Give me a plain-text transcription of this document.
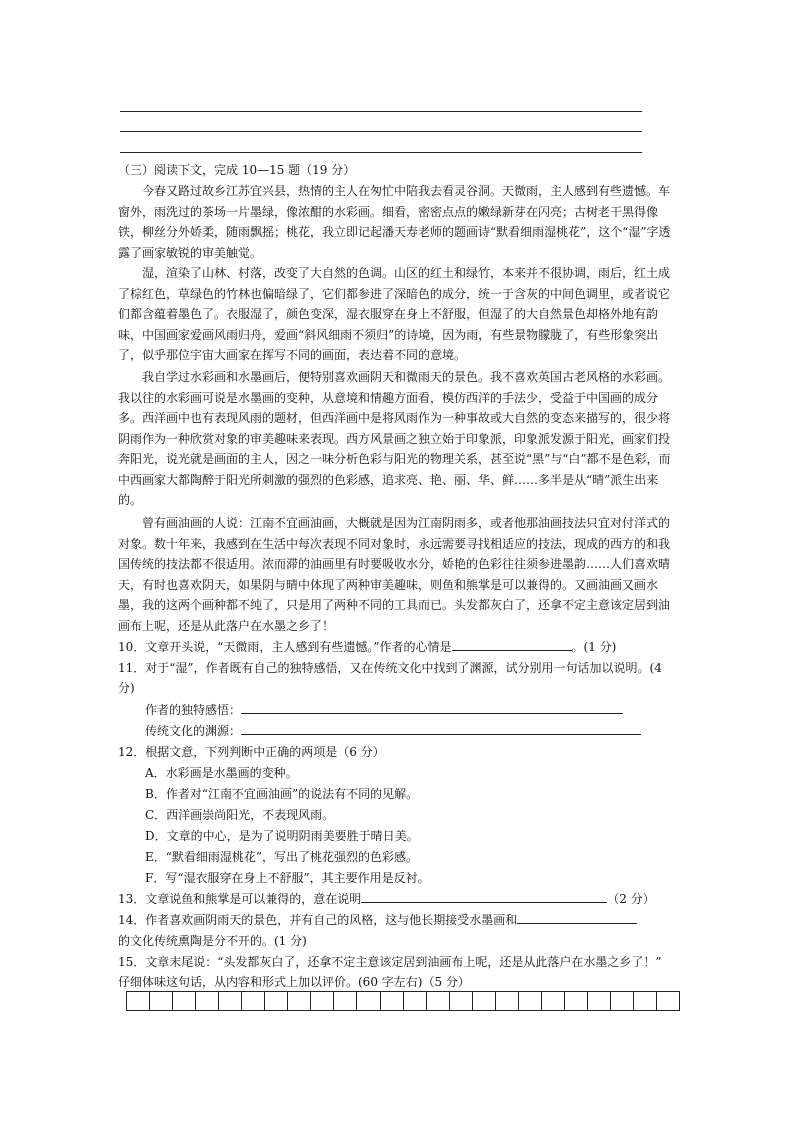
（三）阅读下文，完成 10—15 题（19 分）

今春又路过故乡江苏宜兴县，热情的主人在匆忙中陪我去看灵谷洞。天微雨，主人感到有些遗憾。车窗外，雨洗过的茶场一片墨绿，像浓酣的水彩画。细看，密密点点的嫩绿新芽在闪亮；古树老干黑得像铁，柳丝分外娇柔，随雨飘摇；桃花，我立即记起潘天寿老师的题画诗“默看细雨湿桃花”，这个“湿”字透露了画家敏锐的审美触觉。

湿，渲染了山林、村落，改变了大自然的色调。山区的红土和绿竹，本来并不很协调，雨后，红土成了棕红色，草绿色的竹林也偏暗绿了，它们都参进了深暗色的成分，统一于含灰的中间色调里，或者说它们都含蕴着墨色了。衣服湿了，颜色变深，湿衣服穿在身上不舒服，但湿了的大自然景色却格外地有韵味，中国画家爱画风雨归舟，爱画“斜风细雨不须归”的诗境，因为雨，有些景物朦胧了，有些形象突出了，似乎那位宇宙大画家在挥写不同的画面，表达着不同的意境。

我自学过水彩画和水墨画后，便特别喜欢画阴天和微雨天的景色。我不喜欢英国古老风格的水彩画。我以往的水彩画可说是水墨画的变种，从意境和情趣方面看，模仿西洋的手法少，受益于中国画的成分多。西洋画中也有表现风雨的题材，但西洋画中是将风雨作为一种事故或大自然的变态来描写的，很少将阴雨作为一种欣赏对象的审美趣味来表现。西方风景画之独立始于印象派，印象派发源于阳光，画家们投奔阳光，说光就是画面的主人，因之一味分析色彩与阳光的物理关系，甚至说“黑”与“白”都不是色彩，而中西画家大都陶醉于阳光所刺激的强烈的色彩感，追求亮、艳、丽、华、鲜……多半是从“晴”派生出来的。

曾有画油画的人说：江南不宜画油画，大概就是因为江南阴雨多，或者他那油画技法只宜对付洋式的对象。数十年来，我感到在生活中每次表现不同对象时，永远需要寻找相适应的技法，现成的西方的和我国传统的技法都不很适用。浓而滞的油画里有时要吸收水分，娇艳的色彩往往须参进墨韵……人们喜欢晴天，有时也喜欢阴天，如果阴与晴中体现了两种审美趣味，则鱼和熊掌是可以兼得的。又画油画又画水墨，我的这两个画种都不纯了，只是用了两种不同的工具而已。头发都灰白了，还拿不定主意该定居到油画布上呢，还是从此落户在水墨之乡了！

10．文章开头说，“天微雨，主人感到有些遗憾。”作者的心情是	。(1 分)

11．对于“湿”，作者既有自己的独特感悟，又在传统文化中找到了渊源，试分别用一句话加以说明。(4 分)

作者的独特感悟：

传统文化的渊源：

12．根据文意，下列判断中正确的两项是（6 分）

A．水彩画是水墨画的变种。

B．作者对“江南不宜画油画”的说法有不同的见解。

C．西洋画崇尚阳光，不表现风雨。

D．文章的中心，是为了说明阴雨美要胜于晴日美。

E．“默看细雨湿桃花”，写出了桃花强烈的色彩感。

F．写“湿衣服穿在身上不舒服”，其主要作用是反衬。

13．文章说鱼和熊掌是可以兼得的，意在说明	（2 分）

14．作者喜欢画阴雨天的景色，并有自己的风格，这与他长期接受水墨画和

的文化传统熏陶是分不开的。(1 分)

15．文章末尾说：“头发都灰白了，还拿不定主意该定居到油画布上呢，还是从此落户在水墨之乡了！”

仔细体味这句话，从内容和形式上加以评价。(60 字左右)（5 分）
